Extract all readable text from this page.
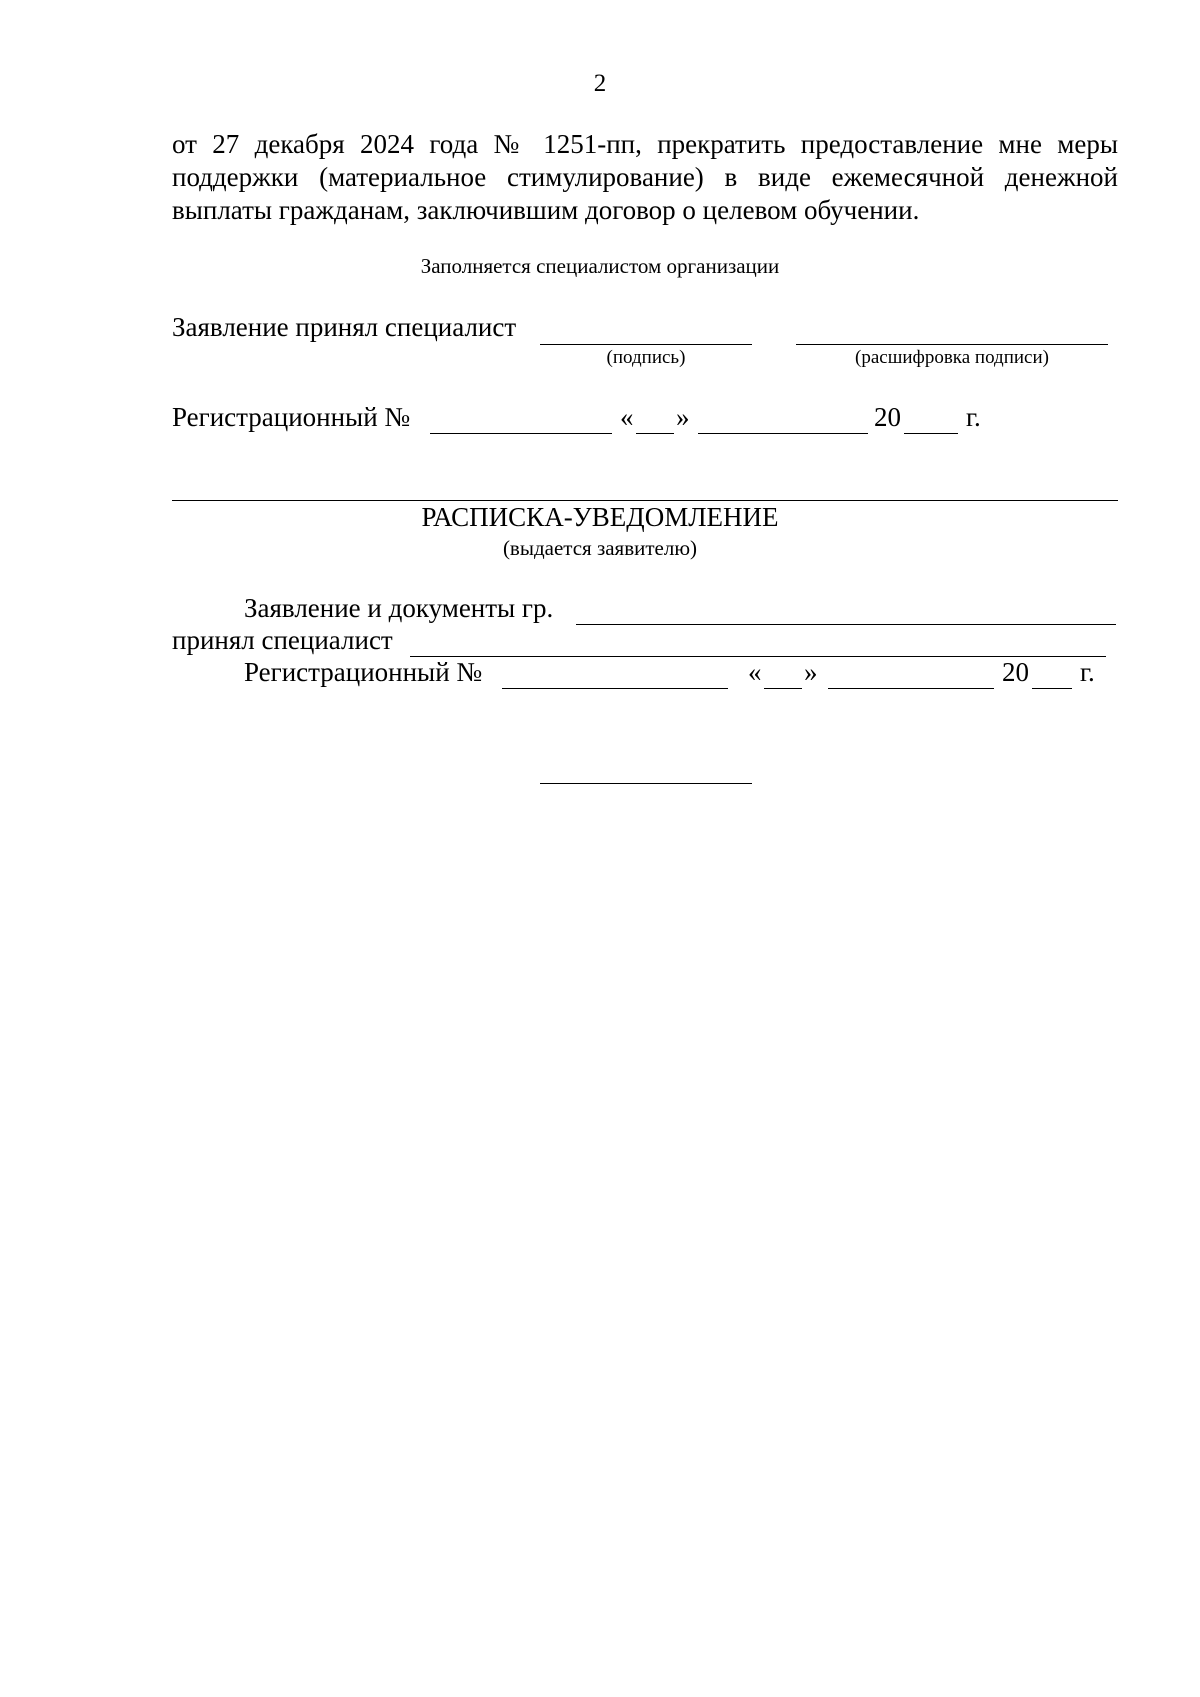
2
от 27 декабря 2024 года № 1251-пп, прекратить предоставление мне меры
поддержки (материальное стимулирование) в виде ежемесячной денежной
выплаты гражданам, заключившим договор о целевом обучении.
Заполняется специалистом организации
Заявление принял специалист
(подпись)	(расшифровка подписи)
Регистрационный №	« »	20 г.
РАСПИСКА-УВЕДОМЛЕНИЕ
(выдается заявителю)
Заявление и документы гр.
принял специалист
Регистрационный №	« »	20 г.
